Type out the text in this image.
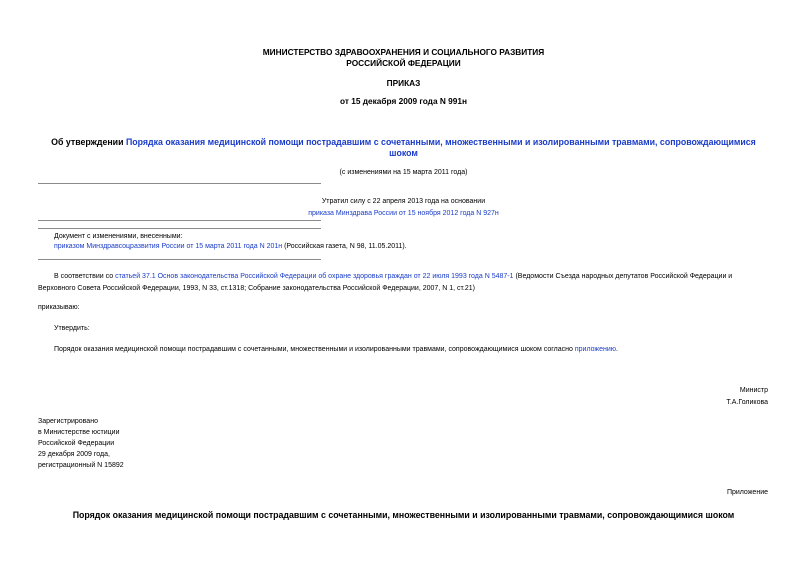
МИНИСТЕРСТВО ЗДРАВООХРАНЕНИЯ И СОЦИАЛЬНОГО РАЗВИТИЯ
РОССИЙСКОЙ ФЕДЕРАЦИИ
ПРИКАЗ
от 15 декабря 2009 года N 991н
Об утверждении Порядка оказания медицинской помощи пострадавшим с сочетанными, множественными и изолированными травмами, сопровождающимися
шоком
(с изменениями на 15 марта 2011 года)
Утратил силу с 22 апреля 2013 года на основании
приказа Минздрава России от 15 ноября 2012 года N 927н
Документ с изменениями, внесенными:
приказом Минздравсоцразвития России от 15 марта 2011 года N 201н (Российская газета, N 98, 11.05.2011).
В соответствии со статьей 37.1 Основ законодательства Российской Федерации об охране здоровья граждан от 22 июля 1993 года N 5487-1 (Ведомости Съезда народных депутатов Российской Федерации и
Верховного Совета Российской Федерации, 1993, N 33, ст.1318; Собрание законодательства Российской Федерации, 2007, N 1, ст.21)
приказываю:
Утвердить:
Порядок оказания медицинской помощи пострадавшим с сочетанными, множественными и изолированными травмами, сопровождающимися шоком согласно приложению.
Министр
Т.А.Голикова
Зарегистрировано
в Министерстве юстиции
Российской Федерации
29 декабря 2009 года,
регистрационный N 15892
Приложение
Порядок оказания медицинской помощи пострадавшим с сочетанными, множественными и изолированными травмами, сопровождающимися шоком
